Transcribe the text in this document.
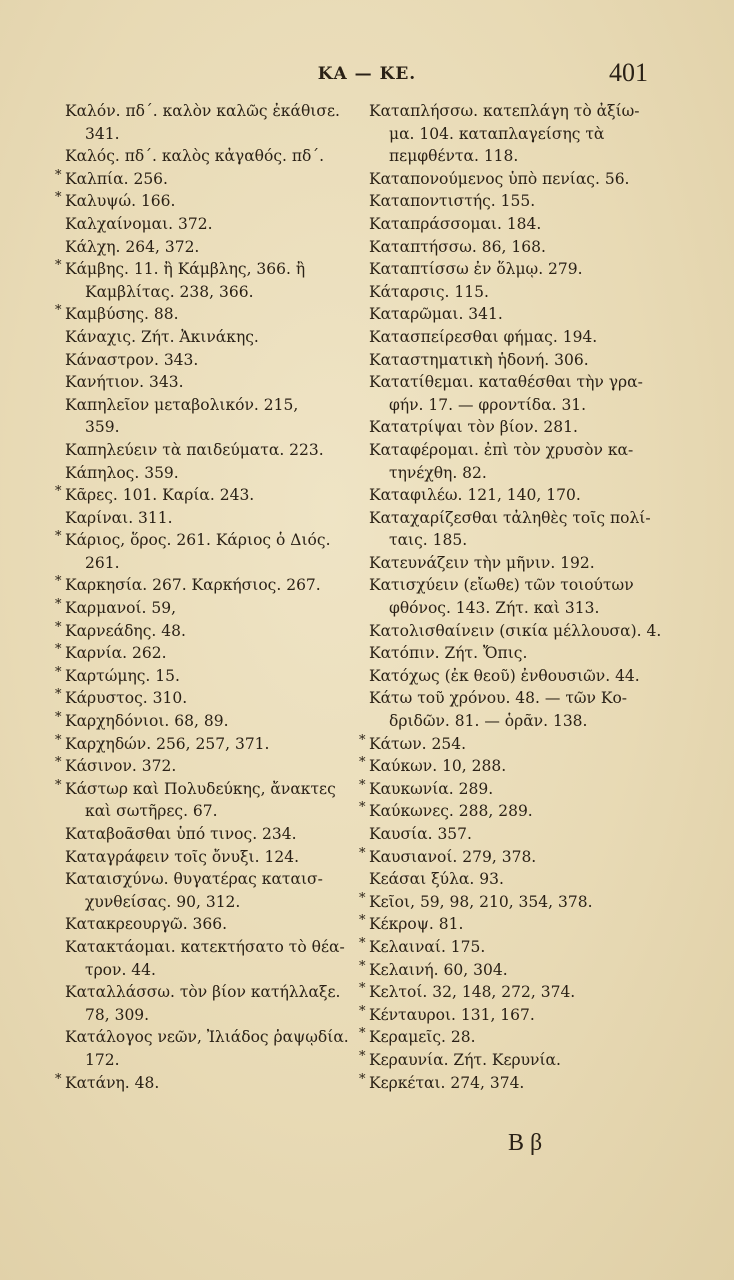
ΚΑ — ΚΕ.	401
Καλόν. πδ΄. καλὸν καλῶς ἐκάθισε.
341.
Καλός. πδ΄. καλὸς κἀγαθός. πδ΄.
* Καλπία. 256.
* Καλυψώ. 166.
Καλχαίνομαι. 372.
Κάλχη. 264, 372.
* Κάμβης. 11. ἢ Κάμβλης, 366. ἢ
Καμβλίτας. 238, 366.
* Καμβύσης. 88.
Κάναχις. Ζήτ. Ἀκινάκης.
Κάναστρον. 343.
Κανήτιον. 343.
Καπηλεῖον μεταβολικόν. 215,
359.
Καπηλεύειν τὰ παιδεύματα. 223.
Κάπηλος. 359.
* Κᾶρες. 101. Καρία. 243.
Καρίναι. 311.
* Κάριος, ὅρος. 261. Κάριος ὁ Διός.
261.
* Καρκησία. 267. Καρκήσιος. 267.
* Καρμανοί. 59,
* Καρνεάδης. 48.
* Καρνία. 262.
* Καρτώμης. 15.
* Κάρυστος. 310.
* Καρχηδόνιοι. 68, 89.
* Καρχηδών. 256, 257, 371.
* Κάσινον. 372.
* Κάστωρ καὶ Πολυδεύκης, ἄνακτες
καὶ σωτῆρες. 67.
Καταβοᾶσθαι ὑπό τινος. 234.
Καταγράφειν τοῖς ὄνυξι. 124.
Καταισχύνω. θυγατέρας καταισ-
χυνθείσας. 90, 312.
Κατακρεουργῶ. 366.
Κατακτάομαι. κατεκτήσατο τὸ θέα-
τρον. 44.
Καταλλάσσω. τὸν βίον κατήλλαξε.
78, 309.
Κατάλογος νεῶν, Ἰλιάδος ῥαψῳδία.
172.
* Κατάνη. 48.
Καταπλήσσω. κατεπλάγη τὸ ἀξίω-
μα. 104. καταπλαγείσης τὰ
πεμφθέντα. 118.
Καταπονούμενος ὑπὸ πενίας. 56.
Καταποντιστής. 155.
Καταπράσσομαι. 184.
Καταπτήσσω. 86, 168.
Καταπτίσσω ἐν ὅλμῳ. 279.
Κάταρσις. 115.
Καταρῶμαι. 341.
Κατασπείρεσθαι φήμας. 194.
Καταστηματικὴ ἡδονή. 306.
Κατατίθεμαι. καταθέσθαι τὴν γρα-
φήν. 17. — φροντίδα. 31.
Κατατρίψαι τὸν βίον. 281.
Καταφέρομαι. ἐπὶ τὸν χρυσὸν κα-
τηνέχθη. 82.
Καταφιλέω. 121, 140, 170.
Καταχαρίζεσθαι τἀληθὲς τοῖς πολί-
ταις. 185.
Κατευνάζειν τὴν μῆνιν. 192.
Κατισχύειν (εἴωθε) τῶν τοιούτων
φθόνος. 143. Ζήτ. καὶ 313.
Κατολισθαίνειν (σικία μέλλουσα). 4.
Κατόπιν. Ζήτ. Ὄπις.
Κατόχως (ἐκ θεοῦ) ἐνθουσιῶν. 44.
Κάτω τοῦ χρόνου. 48. — τῶν Κο-
δριδῶν. 81. — ὁρᾶν. 138.
* Κάτων. 254.
* Καύκων. 10, 288.
* Καυκωνία. 289.
* Καύκωνες. 288, 289.
Καυσία. 357.
* Καυσιανοί. 279, 378.
Κεάσαι ξύλα. 93.
* Κεῖοι, 59, 98, 210, 354, 378.
* Κέκροψ. 81.
* Κελαιναί. 175.
* Κελαινή. 60, 304.
* Κελτοί. 32, 148, 272, 374.
* Κένταυροι. 131, 167.
* Κεραμεῖς. 28.
* Κεραυνία. Ζήτ. Κερυνία.
* Κερκέται. 274, 374.
B β
